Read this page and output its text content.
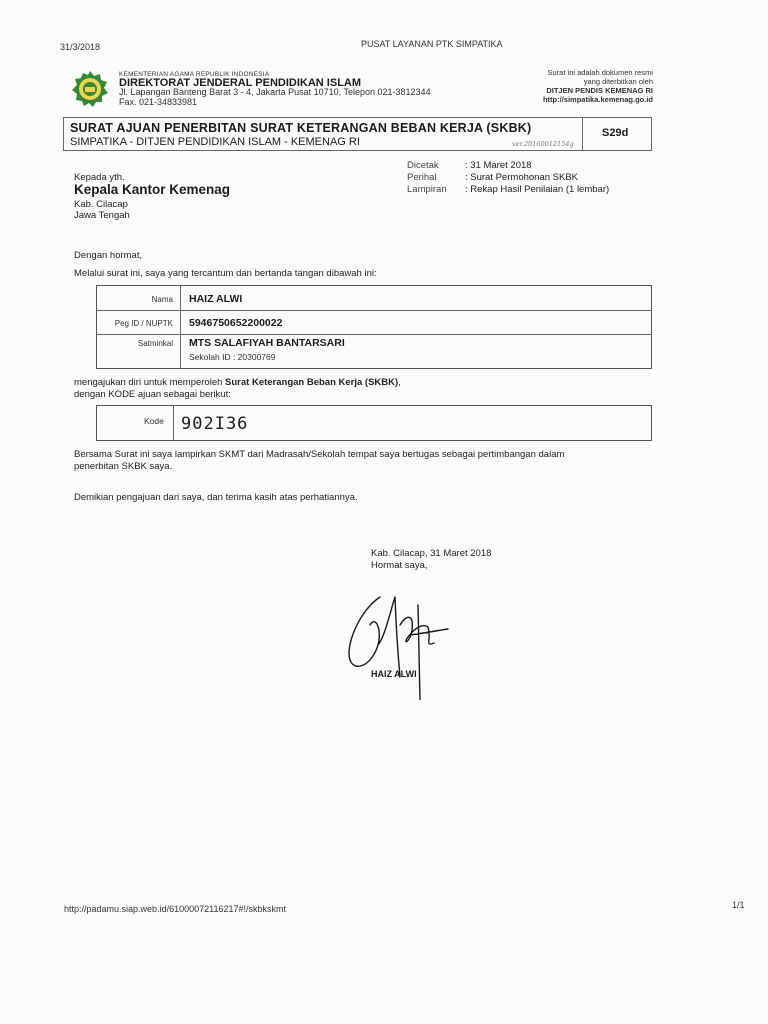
31/3/2018	PUSAT LAYANAN PTK SIMPATIKA
KEMENTERIAN AGAMA REPUBLIK INDONESIA
DIREKTORAT JENDERAL PENDIDIKAN ISLAM
Jl. Lapangan Banteng Barat 3 - 4, Jakarta Pusat 10710, Telepon 021-3812344
Fax. 021-34833981
Surat ini adalah dokumen resmi
yang diterbitkan oleh
DITJEN PENDIS KEMENAG RI
http://simpatika.kemenag.go.id
SURAT AJUAN PENERBITAN SURAT KETERANGAN BEBAN KERJA (SKBK)
SIMPATIKA - DITJEN PENDIDIKAN ISLAM - KEMENAG RI	ver.20160012154g
S29d
Dicetak	: 31 Maret 2018
Perihal	: Surat Permohonan SKBK
Lampiran : Rekap Hasil Penilaian (1 lembar)
Kepada yth.
Kepala Kantor Kemenag
Kab. Cilacap
Jawa Tengah
Dengan hormat,
Melalui surat ini, saya yang tercantum dan bertanda tangan dibawah ini:
Nama HAIZ ALWI
Peg ID / NUPTK 5946750652200022
Satminkal MTS SALAFIYAH BANTARSARI
Sekolah ID : 20300769
mengajukan diri untuk memperoleh Surat Keterangan Beban Kerja (SKBK),
dengan KODE ajuan sebagai berikut:
Kode 902I36
Bersama Surat ini saya lampirkan SKMT dari Madrasah/Sekolah tempat saya bertugas sebagai pertimbangan dalam
penerbitan SKBK saya.
Demikian pengajuan dari saya, dan terima kasih atas perhatiannya.
Kab. Cilacap, 31 Maret 2018
Hormat saya,
HAIZ ALWI
http://padamu.siap.web.id/61000072116217#!/skbkskmt	1/1
